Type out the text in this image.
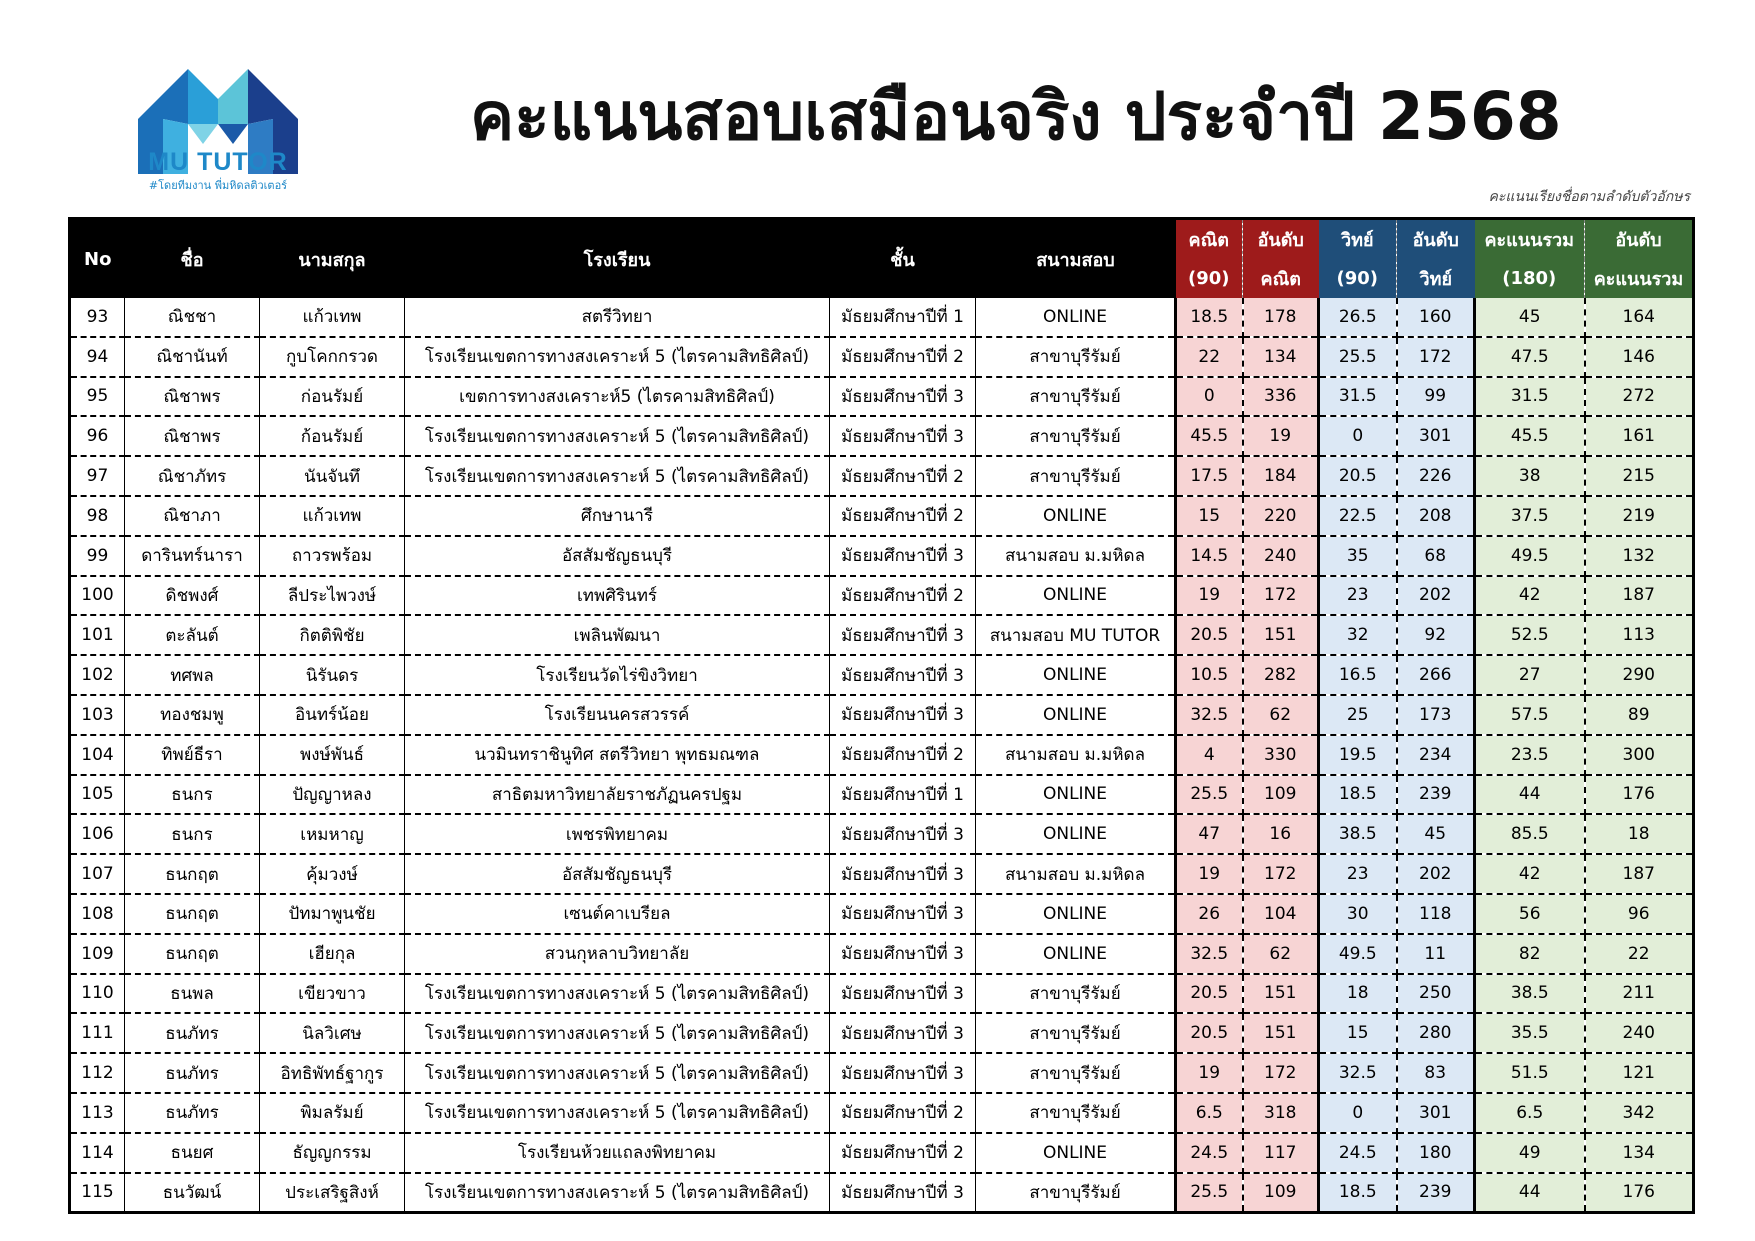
MU TUTOR
#โดยทีมงาน พี่มหิดลติวเตอร์
คะแนนสอบเสมือนจริง ประจำปี 2568
คะแนนเรียงชื่อตามลำดับตัวอักษร
No	ชื่อ	นามสกุล	โรงเรียน	ชั้น	สนามสอบ	คณิต	อันดับ	วิทย์	อันดับ	คะแนนรวม	อันดับ
						(90)	คณิต	(90)	วิทย์	(180)	คะแนนรวม
93	ณิชชา	แก้วเทพ	สตรีวิทยา	มัธยมศึกษาปีที่ 1	ONLINE	18.5	178	26.5	160	45	164
94	ณิชานันท์	กูบโคกกรวด	โรงเรียนเขตการทางสงเคราะห์ 5 (ไตรคามสิทธิศิลป์)	มัธยมศึกษาปีที่ 2	สาขาบุรีรัมย์	22	134	25.5	172	47.5	146
95	ณิชาพร	ก่อนรัมย์	เขตการทางสงเคราะห์5 (ไตรคามสิทธิศิลป์)	มัธยมศึกษาปีที่ 3	สาขาบุรีรัมย์	0	336	31.5	99	31.5	272
96	ณิชาพร	ก้อนรัมย์	โรงเรียนเขตการทางสงเคราะห์ 5 (ไตรคามสิทธิศิลป์)	มัธยมศึกษาปีที่ 3	สาขาบุรีรัมย์	45.5	19	0	301	45.5	161
97	ณิชาภัทร	นันจันทึ	โรงเรียนเขตการทางสงเคราะห์ 5 (ไตรคามสิทธิศิลป์)	มัธยมศึกษาปีที่ 2	สาขาบุรีรัมย์	17.5	184	20.5	226	38	215
98	ณิชาภา	แก้วเทพ	ศึกษานารี	มัธยมศึกษาปีที่ 2	ONLINE	15	220	22.5	208	37.5	219
99	ดารินทร์นารา	ถาวรพร้อม	อัสสัมชัญธนบุรี	มัธยมศึกษาปีที่ 3	สนามสอบ ม.มหิดล	14.5	240	35	68	49.5	132
100	ดิชพงศ์	ลีประไพวงษ์	เทพศิรินทร์	มัธยมศึกษาปีที่ 2	ONLINE	19	172	23	202	42	187
101	ตะลันต์	กิตติพิชัย	เพลินพัฒนา	มัธยมศึกษาปีที่ 3	สนามสอบ MU TUTOR	20.5	151	32	92	52.5	113
102	ทศพล	นิรันดร	โรงเรียนวัดไร่ขิงวิทยา	มัธยมศึกษาปีที่ 3	ONLINE	10.5	282	16.5	266	27	290
103	ทองชมพู	อินทร์น้อย	โรงเรียนนครสวรรค์	มัธยมศึกษาปีที่ 3	ONLINE	32.5	62	25	173	57.5	89
104	ทิพย์ธีรา	พงษ์พันธ์	นวมินทราชินูทิศ สตรีวิทยา พุทธมณฑล	มัธยมศึกษาปีที่ 2	สนามสอบ ม.มหิดล	4	330	19.5	234	23.5	300
105	ธนกร	ปัญญาหลง	สาธิตมหาวิทยาลัยราชภัฏนครปฐม	มัธยมศึกษาปีที่ 1	ONLINE	25.5	109	18.5	239	44	176
106	ธนกร	เหมหาญ	เพชรพิทยาคม	มัธยมศึกษาปีที่ 3	ONLINE	47	16	38.5	45	85.5	18
107	ธนกฤต	คุ้มวงษ์	อัสสัมชัญธนบุรี	มัธยมศึกษาปีที่ 3	สนามสอบ ม.มหิดล	19	172	23	202	42	187
108	ธนกฤต	ปัทมาพูนชัย	เซนต์คาเบรียล	มัธยมศึกษาปีที่ 3	ONLINE	26	104	30	118	56	96
109	ธนกฤต	เฮียกุล	สวนกุหลาบวิทยาลัย	มัธยมศึกษาปีที่ 3	ONLINE	32.5	62	49.5	11	82	22
110	ธนพล	เขียวขาว	โรงเรียนเขตการทางสงเคราะห์ 5 (ไตรคามสิทธิศิลป์)	มัธยมศึกษาปีที่ 3	สาขาบุรีรัมย์	20.5	151	18	250	38.5	211
111	ธนภัทร	นิลวิเศษ	โรงเรียนเขตการทางสงเคราะห์ 5 (ไตรคามสิทธิศิลป์)	มัธยมศึกษาปีที่ 3	สาขาบุรีรัมย์	20.5	151	15	280	35.5	240
112	ธนภัทร	อิทธิพัทธ์ฐากูร	โรงเรียนเขตการทางสงเคราะห์ 5 (ไตรคามสิทธิศิลป์)	มัธยมศึกษาปีที่ 3	สาขาบุรีรัมย์	19	172	32.5	83	51.5	121
113	ธนภัทร	พิมลรัมย์	โรงเรียนเขตการทางสงเคราะห์ 5 (ไตรคามสิทธิศิลป์)	มัธยมศึกษาปีที่ 2	สาขาบุรีรัมย์	6.5	318	0	301	6.5	342
114	ธนยศ	ธัญญกรรม	โรงเรียนห้วยแถลงพิทยาคม	มัธยมศึกษาปีที่ 2	ONLINE	24.5	117	24.5	180	49	134
115	ธนวัฒน์	ประเสริฐสิงห์	โรงเรียนเขตการทางสงเคราะห์ 5 (ไตรคามสิทธิศิลป์)	มัธยมศึกษาปีที่ 3	สาขาบุรีรัมย์	25.5	109	18.5	239	44	176
